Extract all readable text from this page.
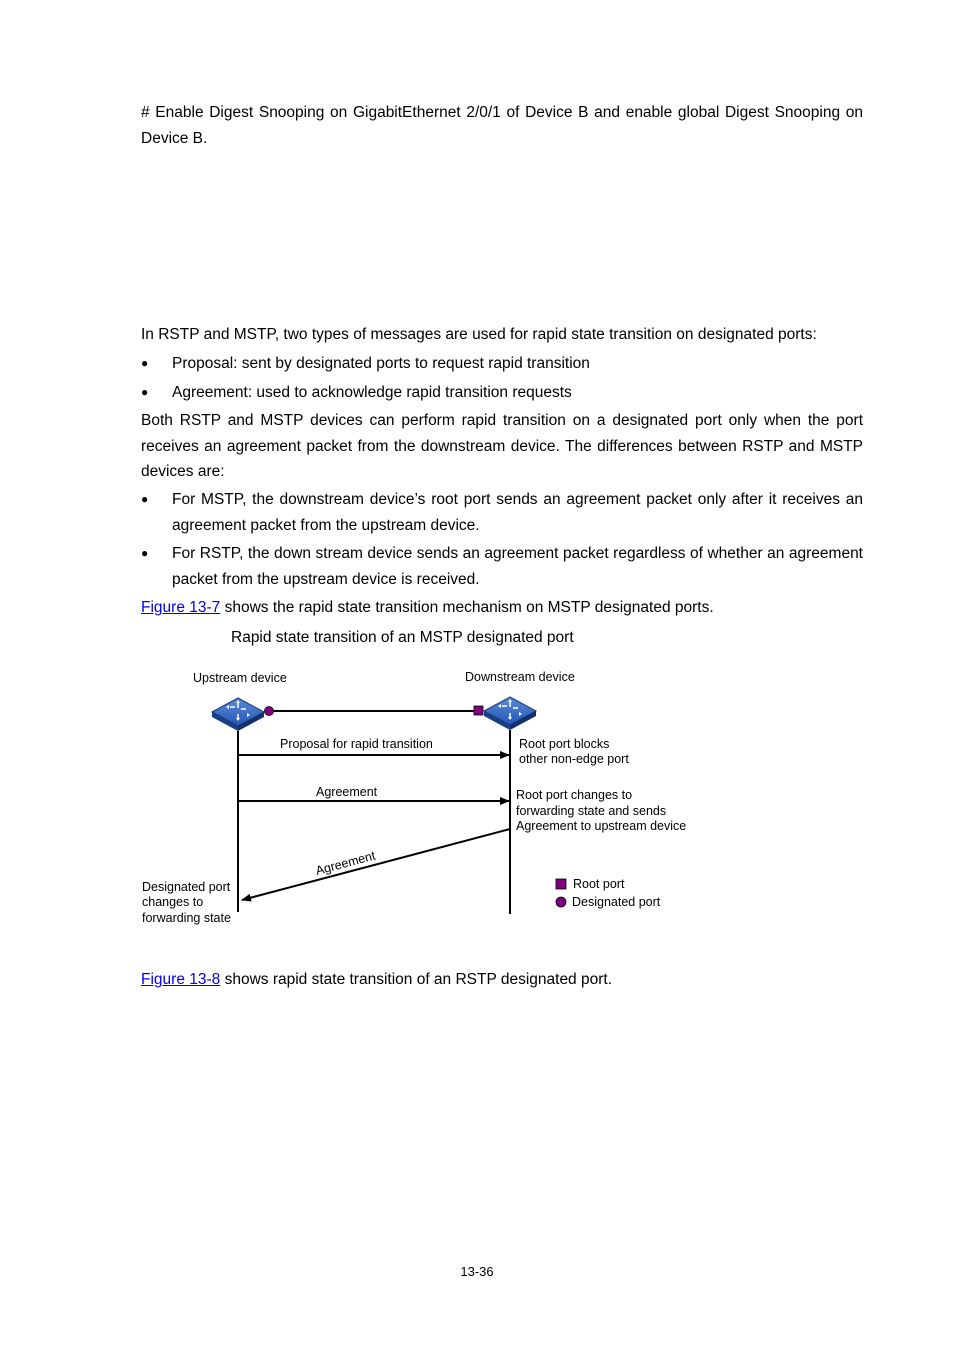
# Enable Digest Snooping on GigabitEthernet 2/0/1 of Device B and enable global Digest Snooping on Device B.

In RSTP and MSTP, two types of messages are used for rapid state transition on designated ports:

●	Proposal: sent by designated ports to request rapid transition
●	Agreement: used to acknowledge rapid transition requests

Both RSTP and MSTP devices can perform rapid transition on a designated port only when the port receives an agreement packet from the downstream device. The differences between RSTP and MSTP devices are:

●	For MSTP, the downstream device’s root port sends an agreement packet only after it receives an agreement packet from the upstream device.
●	For RSTP, the down stream device sends an agreement packet regardless of whether an agreement packet from the upstream device is received.

Figure 13-7 shows the rapid state transition mechanism on MSTP designated ports.

Rapid state transition of an MSTP designated port
Upstream device	Downstream device
Proposal for rapid transition
Agreement
Agreement
Root port blocks
other non-edge port
Root port changes to
forwarding state and sends
Agreement to upstream device
Designated port
changes to
forwarding state
Root port
Designated port

Figure 13-8 shows rapid state transition of an RSTP designated port.

13-36
